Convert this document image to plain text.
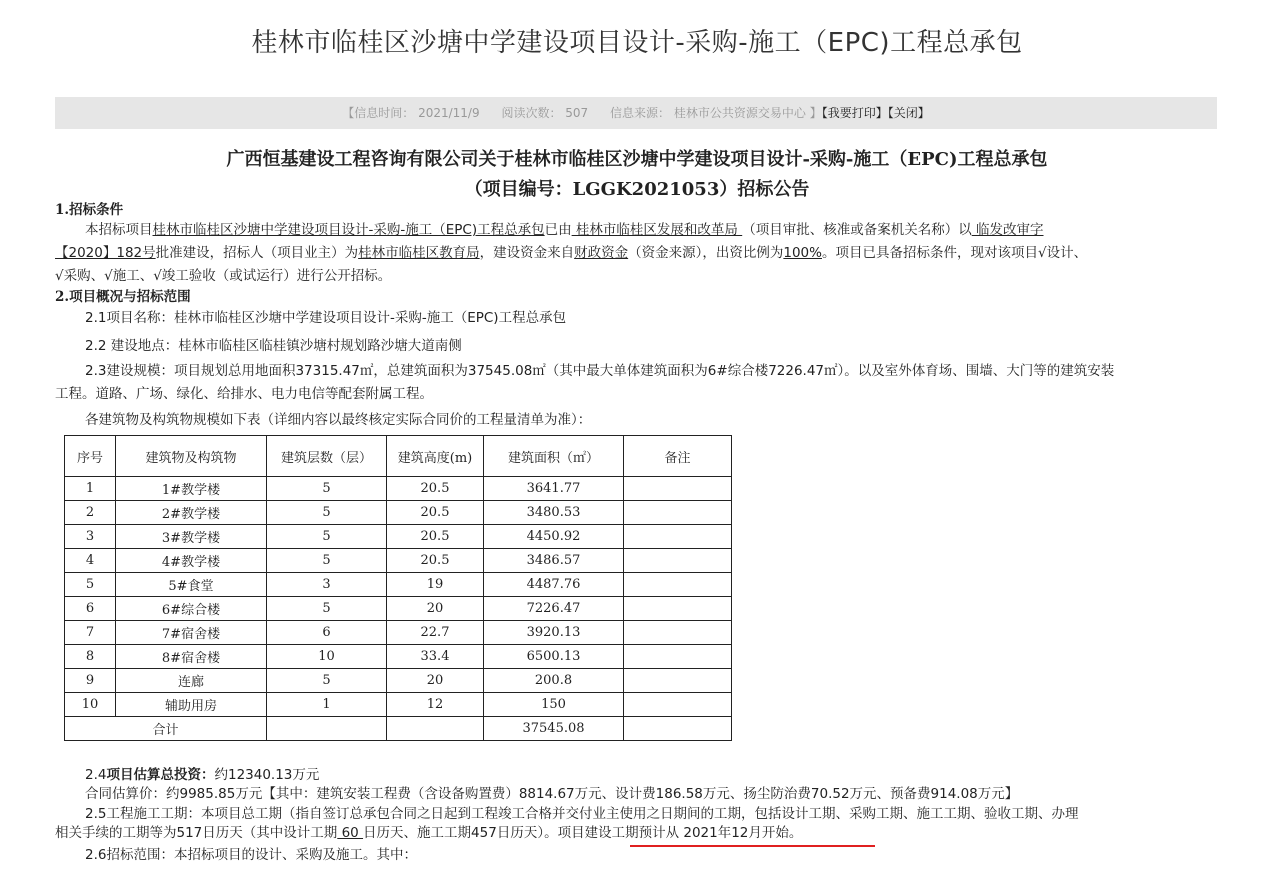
桂林市临桂区沙塘中学建设项目设计-采购-施工（EPC)工程总承包
【信息时间： 2021/11/9 阅读次数： 507 信息来源： 桂林市公共资源交易中心 】【我要打印】【关闭】
广西恒基建设工程咨询有限公司关于桂林市临桂区沙塘中学建设项目设计-采购-施工（EPC)工程总承包
（项目编号：LGGK2021053）招标公告
1.招标条件
本招标项目桂林市临桂区沙塘中学建设项目设计-采购-施工（EPC)工程总承包已由 桂林市临桂区发展和改革局 （项目审批、核准或备案机关名称）以 临发改审字
【2020】182号批准建设，招标人（项目业主）为桂林市临桂区教育局，建设资金来自财政资金（资金来源），出资比例为100%。项目已具备招标条件，现对该项目√设计、
√采购、√施工、√竣工验收（或试运行）进行公开招标。
2.项目概况与招标范围
2.1项目名称：桂林市临桂区沙塘中学建设项目设计-采购-施工（EPC)工程总承包
2.2 建设地点：桂林市临桂区临桂镇沙塘村规划路沙塘大道南侧
2.3建设规模：项目规划总用地面积37315.47㎡，总建筑面积为37545.08㎡（其中最大单体建筑面积为6#综合楼7226.47㎡）。以及室外体育场、围墙、大门等的建筑安装
工程。道路、广场、绿化、给排水、电力电信等配套附属工程。
各建筑物及构筑物规模如下表（详细内容以最终核定实际合同价的工程量清单为准）：
序号	建筑物及构筑物	建筑层数（层）	建筑高度(m)	建筑面积（㎡）	备注
1	1#教学楼	5	20.5	3641.77	
2	2#教学楼	5	20.5	3480.53	
3	3#教学楼	5	20.5	4450.92	
4	4#教学楼	5	20.5	3486.57	
5	5#食堂	3	19	4487.76	
6	6#综合楼	5	20	7226.47	
7	7#宿舍楼	6	22.7	3920.13	
8	8#宿舍楼	10	33.4	6500.13	
9	连廊	5	20	200.8	
10	辅助用房	1	12	150	
合计				37545.08	
2.4项目估算总投资：约12340.13万元
合同估算价：约9985.85万元【其中：建筑安装工程费（含设备购置费）8814.67万元、设计费186.58万元、扬尘防治费70.52万元、预备费914.08万元】
2.5工程施工工期：本项目总工期（指自签订总承包合同之日起到工程竣工合格并交付业主使用之日期间的工期，包括设计工期、采购工期、施工工期、验收工期、办理
相关手续的工期等为517日历天（其中设计工期 60 日历天、施工工期457日历天）。项目建设工期预计从 2021年12月开始。
2.6招标范围：本招标项目的设计、采购及施工。其中：
